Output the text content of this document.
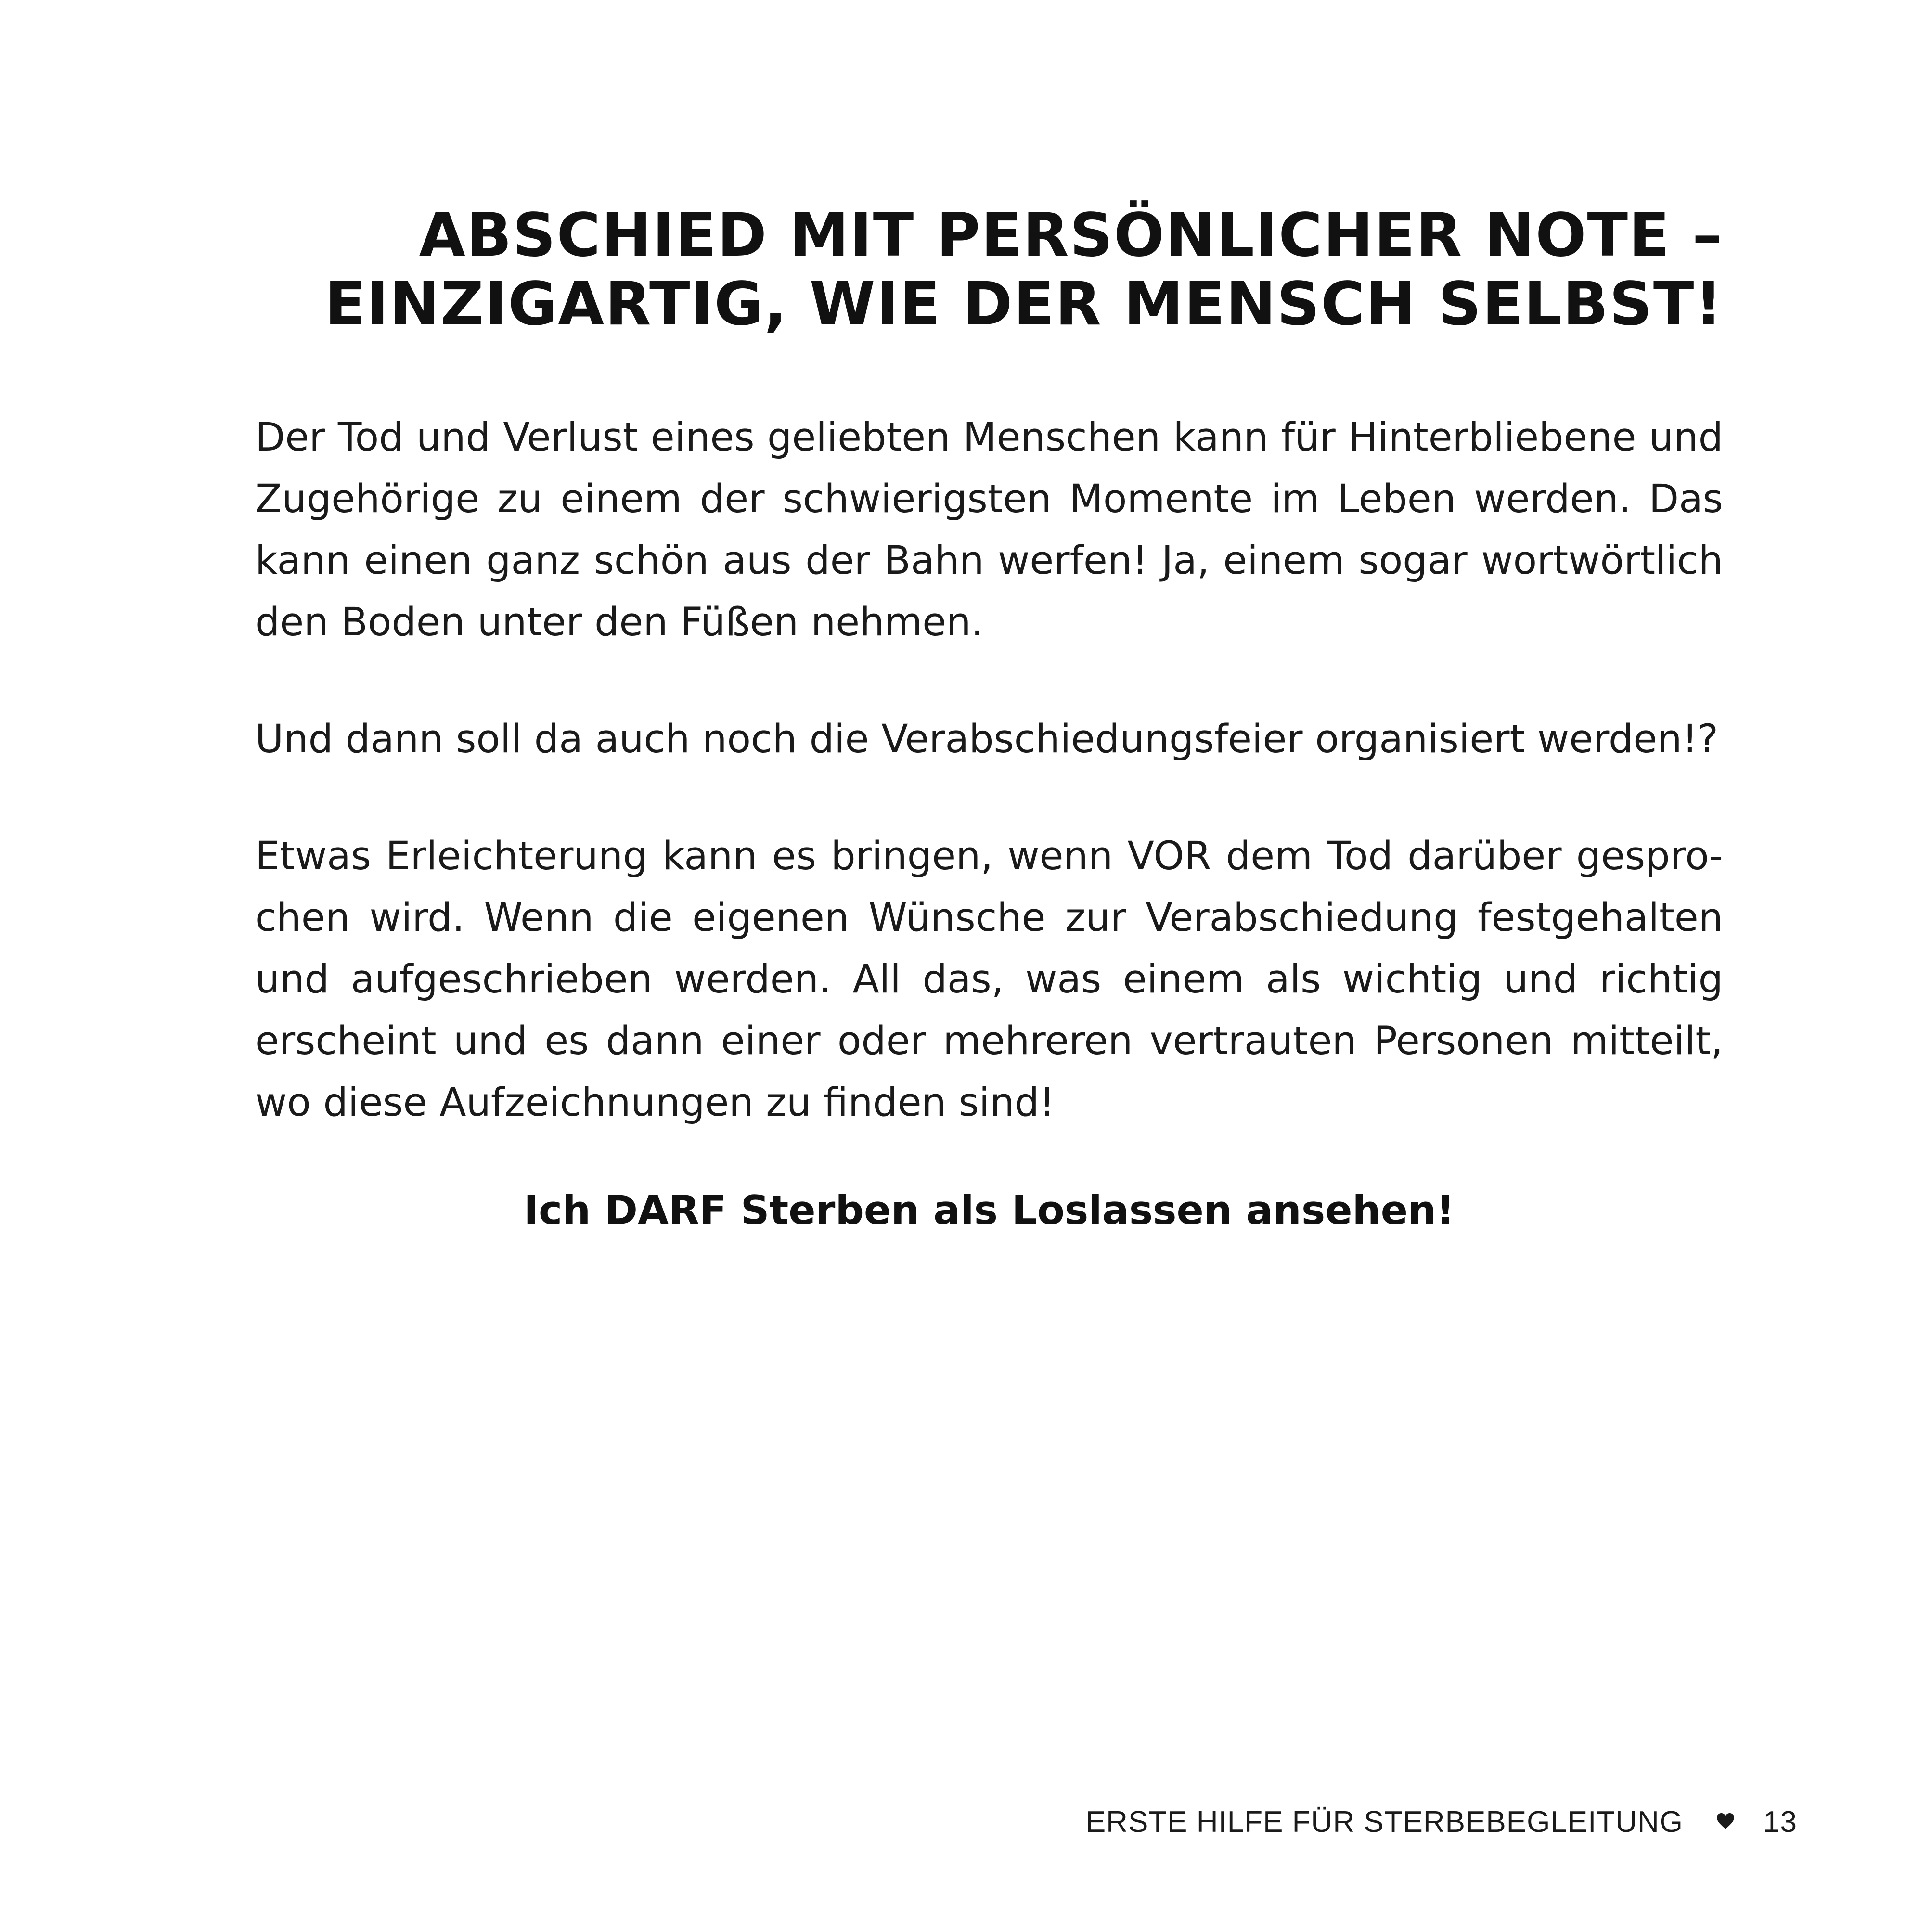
ABSCHIED MIT PERSÖNLICHER NOTE –
EINZIGARTIG, WIE DER MENSCH SELBST!

Der Tod und Verlust eines geliebten Menschen kann für Hinterbliebene und Zugehörige zu einem der schwierigsten Momente im Leben werden. Das kann einen ganz schön aus der Bahn werfen! Ja, einem sogar wortwörtlich den Boden unter den Füßen nehmen.

Und dann soll da auch noch die Verabschiedungsfeier organisiert werden!?

Etwas Erleichterung kann es bringen, wenn VOR dem Tod darüber gesprochen wird. Wenn die eigenen Wünsche zur Verabschiedung festgehalten und aufgeschrieben werden. All das, was einem als wichtig und richtig erscheint und es dann einer oder mehreren vertrauten Personen mitteilt, wo diese Aufzeichnungen zu finden sind!

Ich DARF Sterben als Loslassen ansehen!

ERSTE HILFE FÜR STERBEBEGLEITUNG	13
